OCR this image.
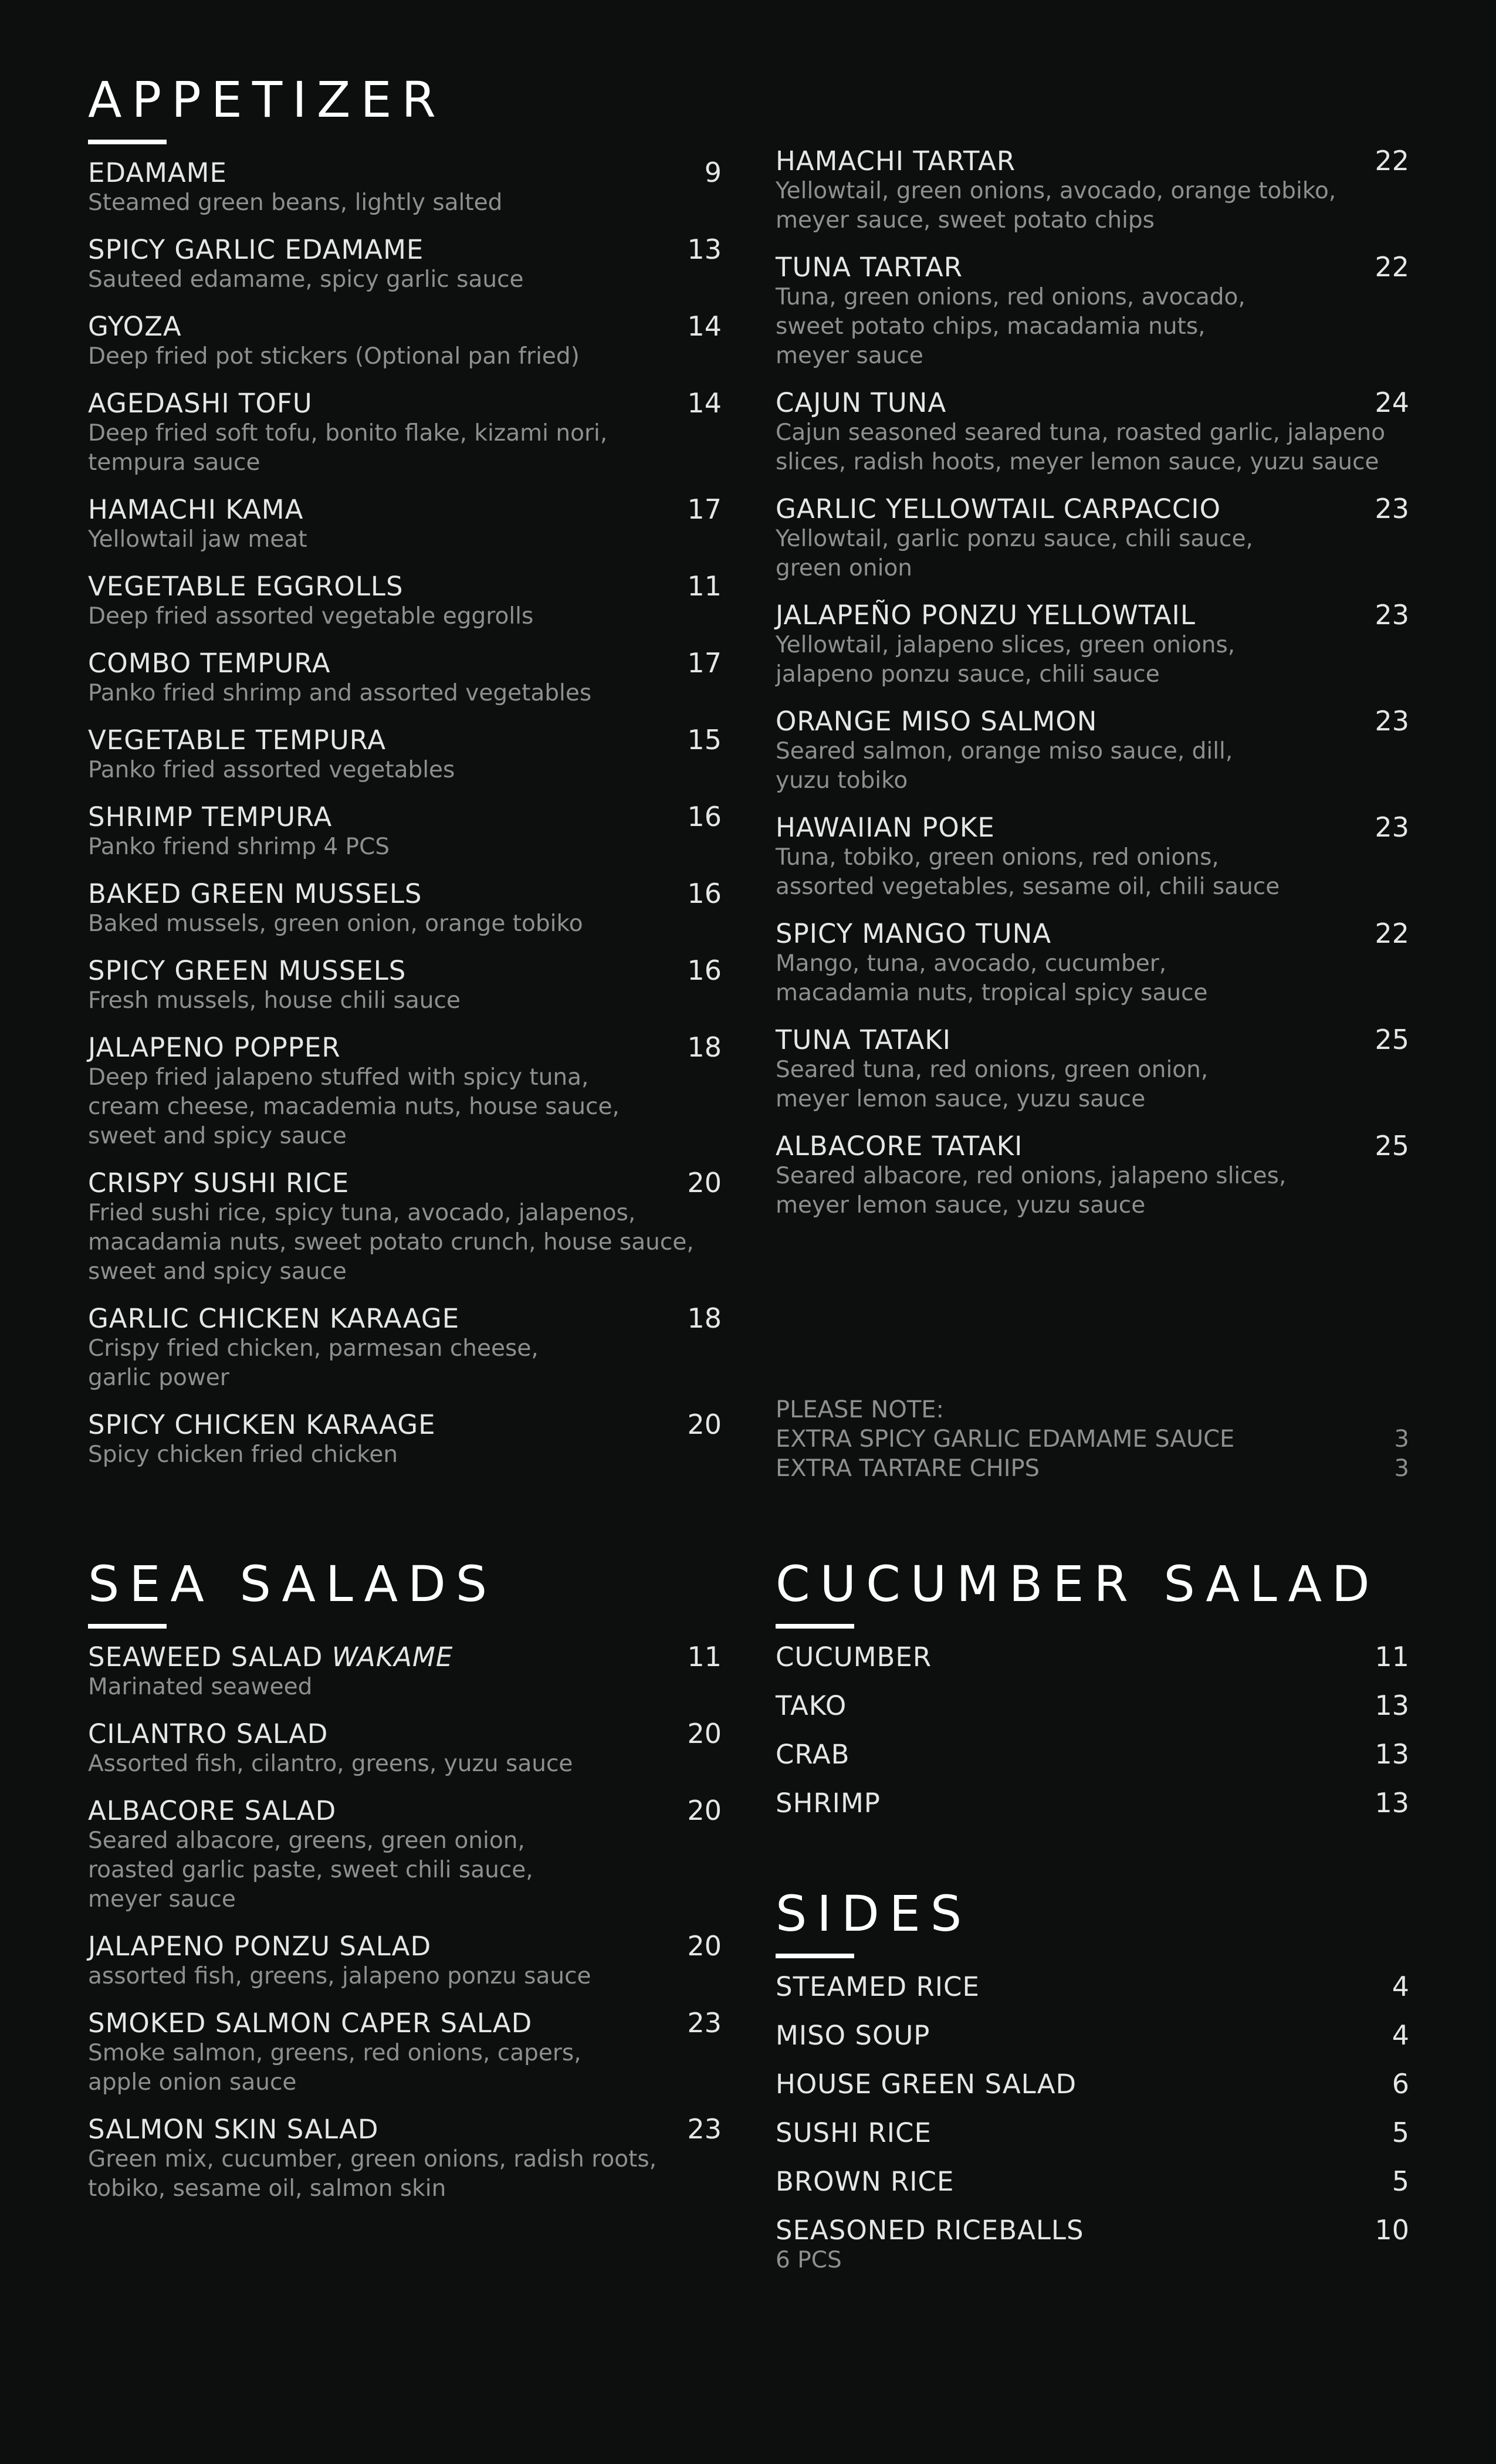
APPETIZER
EDAMAME	9
Steamed green beans, lightly salted
SPICY GARLIC EDAMAME	13
Sauteed edamame, spicy garlic sauce
GYOZA	14
Deep fried pot stickers (Optional pan fried)
AGEDASHI TOFU	14
Deep fried soft tofu, bonito flake, kizami nori,
tempura sauce
HAMACHI KAMA	17
Yellowtail jaw meat
VEGETABLE EGGROLLS	11
Deep fried assorted vegetable eggrolls
COMBO TEMPURA	17
Panko fried shrimp and assorted vegetables
VEGETABLE TEMPURA	15
Panko fried assorted vegetables
SHRIMP TEMPURA	16
Panko friend shrimp 4 PCS
BAKED GREEN MUSSELS	16
Baked mussels, green onion, orange tobiko
SPICY GREEN MUSSELS	16
Fresh mussels, house chili sauce
JALAPENO POPPER	18
Deep fried jalapeno stuffed with spicy tuna,
cream cheese, macademia nuts, house sauce,
sweet and spicy sauce
CRISPY SUSHI RICE	20
Fried sushi rice, spicy tuna, avocado, jalapenos,
macadamia nuts, sweet potato crunch, house sauce,
sweet and spicy sauce
GARLIC CHICKEN KARAAGE	18
Crispy fried chicken, parmesan cheese,
garlic power
SPICY CHICKEN KARAAGE	20
Spicy chicken fried chicken
HAMACHI TARTAR	22
Yellowtail, green onions, avocado, orange tobiko,
meyer sauce, sweet potato chips
TUNA TARTAR	22
Tuna, green onions, red onions, avocado,
sweet potato chips, macadamia nuts,
meyer sauce
CAJUN TUNA	24
Cajun seasoned seared tuna, roasted garlic, jalapeno
slices, radish hoots, meyer lemon sauce, yuzu sauce
GARLIC YELLOWTAIL CARPACCIO	23
Yellowtail, garlic ponzu sauce, chili sauce,
green onion
JALAPEÑO PONZU YELLOWTAIL	23
Yellowtail, jalapeno slices, green onions,
jalapeno ponzu sauce, chili sauce
ORANGE MISO SALMON	23
Seared salmon, orange miso sauce, dill,
yuzu tobiko
HAWAIIAN POKE	23
Tuna, tobiko, green onions, red onions,
assorted vegetables, sesame oil, chili sauce
SPICY MANGO TUNA	22
Mango, tuna, avocado, cucumber,
macadamia nuts, tropical spicy sauce
TUNA TATAKI	25
Seared tuna, red onions, green onion,
meyer lemon sauce, yuzu sauce
ALBACORE TATAKI	25
Seared albacore, red onions, jalapeno slices,
meyer lemon sauce, yuzu sauce
PLEASE NOTE:
EXTRA SPICY GARLIC EDAMAME SAUCE	3
EXTRA TARTARE CHIPS	3
SEA SALADS
SEAWEED SALAD WAKAME	11
Marinated seaweed
CILANTRO SALAD	20
Assorted fish, cilantro, greens, yuzu sauce
ALBACORE SALAD	20
Seared albacore, greens, green onion,
roasted garlic paste, sweet chili sauce,
meyer sauce
JALAPENO PONZU SALAD	20
assorted fish, greens, jalapeno ponzu sauce
SMOKED SALMON CAPER SALAD	23
Smoke salmon, greens, red onions, capers,
apple onion sauce
SALMON SKIN SALAD	23
Green mix, cucumber, green onions, radish roots,
tobiko, sesame oil, salmon skin
CUCUMBER SALAD
CUCUMBER	11
TAKO	13
CRAB	13
SHRIMP	13
SIDES
STEAMED RICE	4
MISO SOUP	4
HOUSE GREEN SALAD	6
SUSHI RICE	5
BROWN RICE	5
SEASONED RICEBALLS	10
6 PCS
